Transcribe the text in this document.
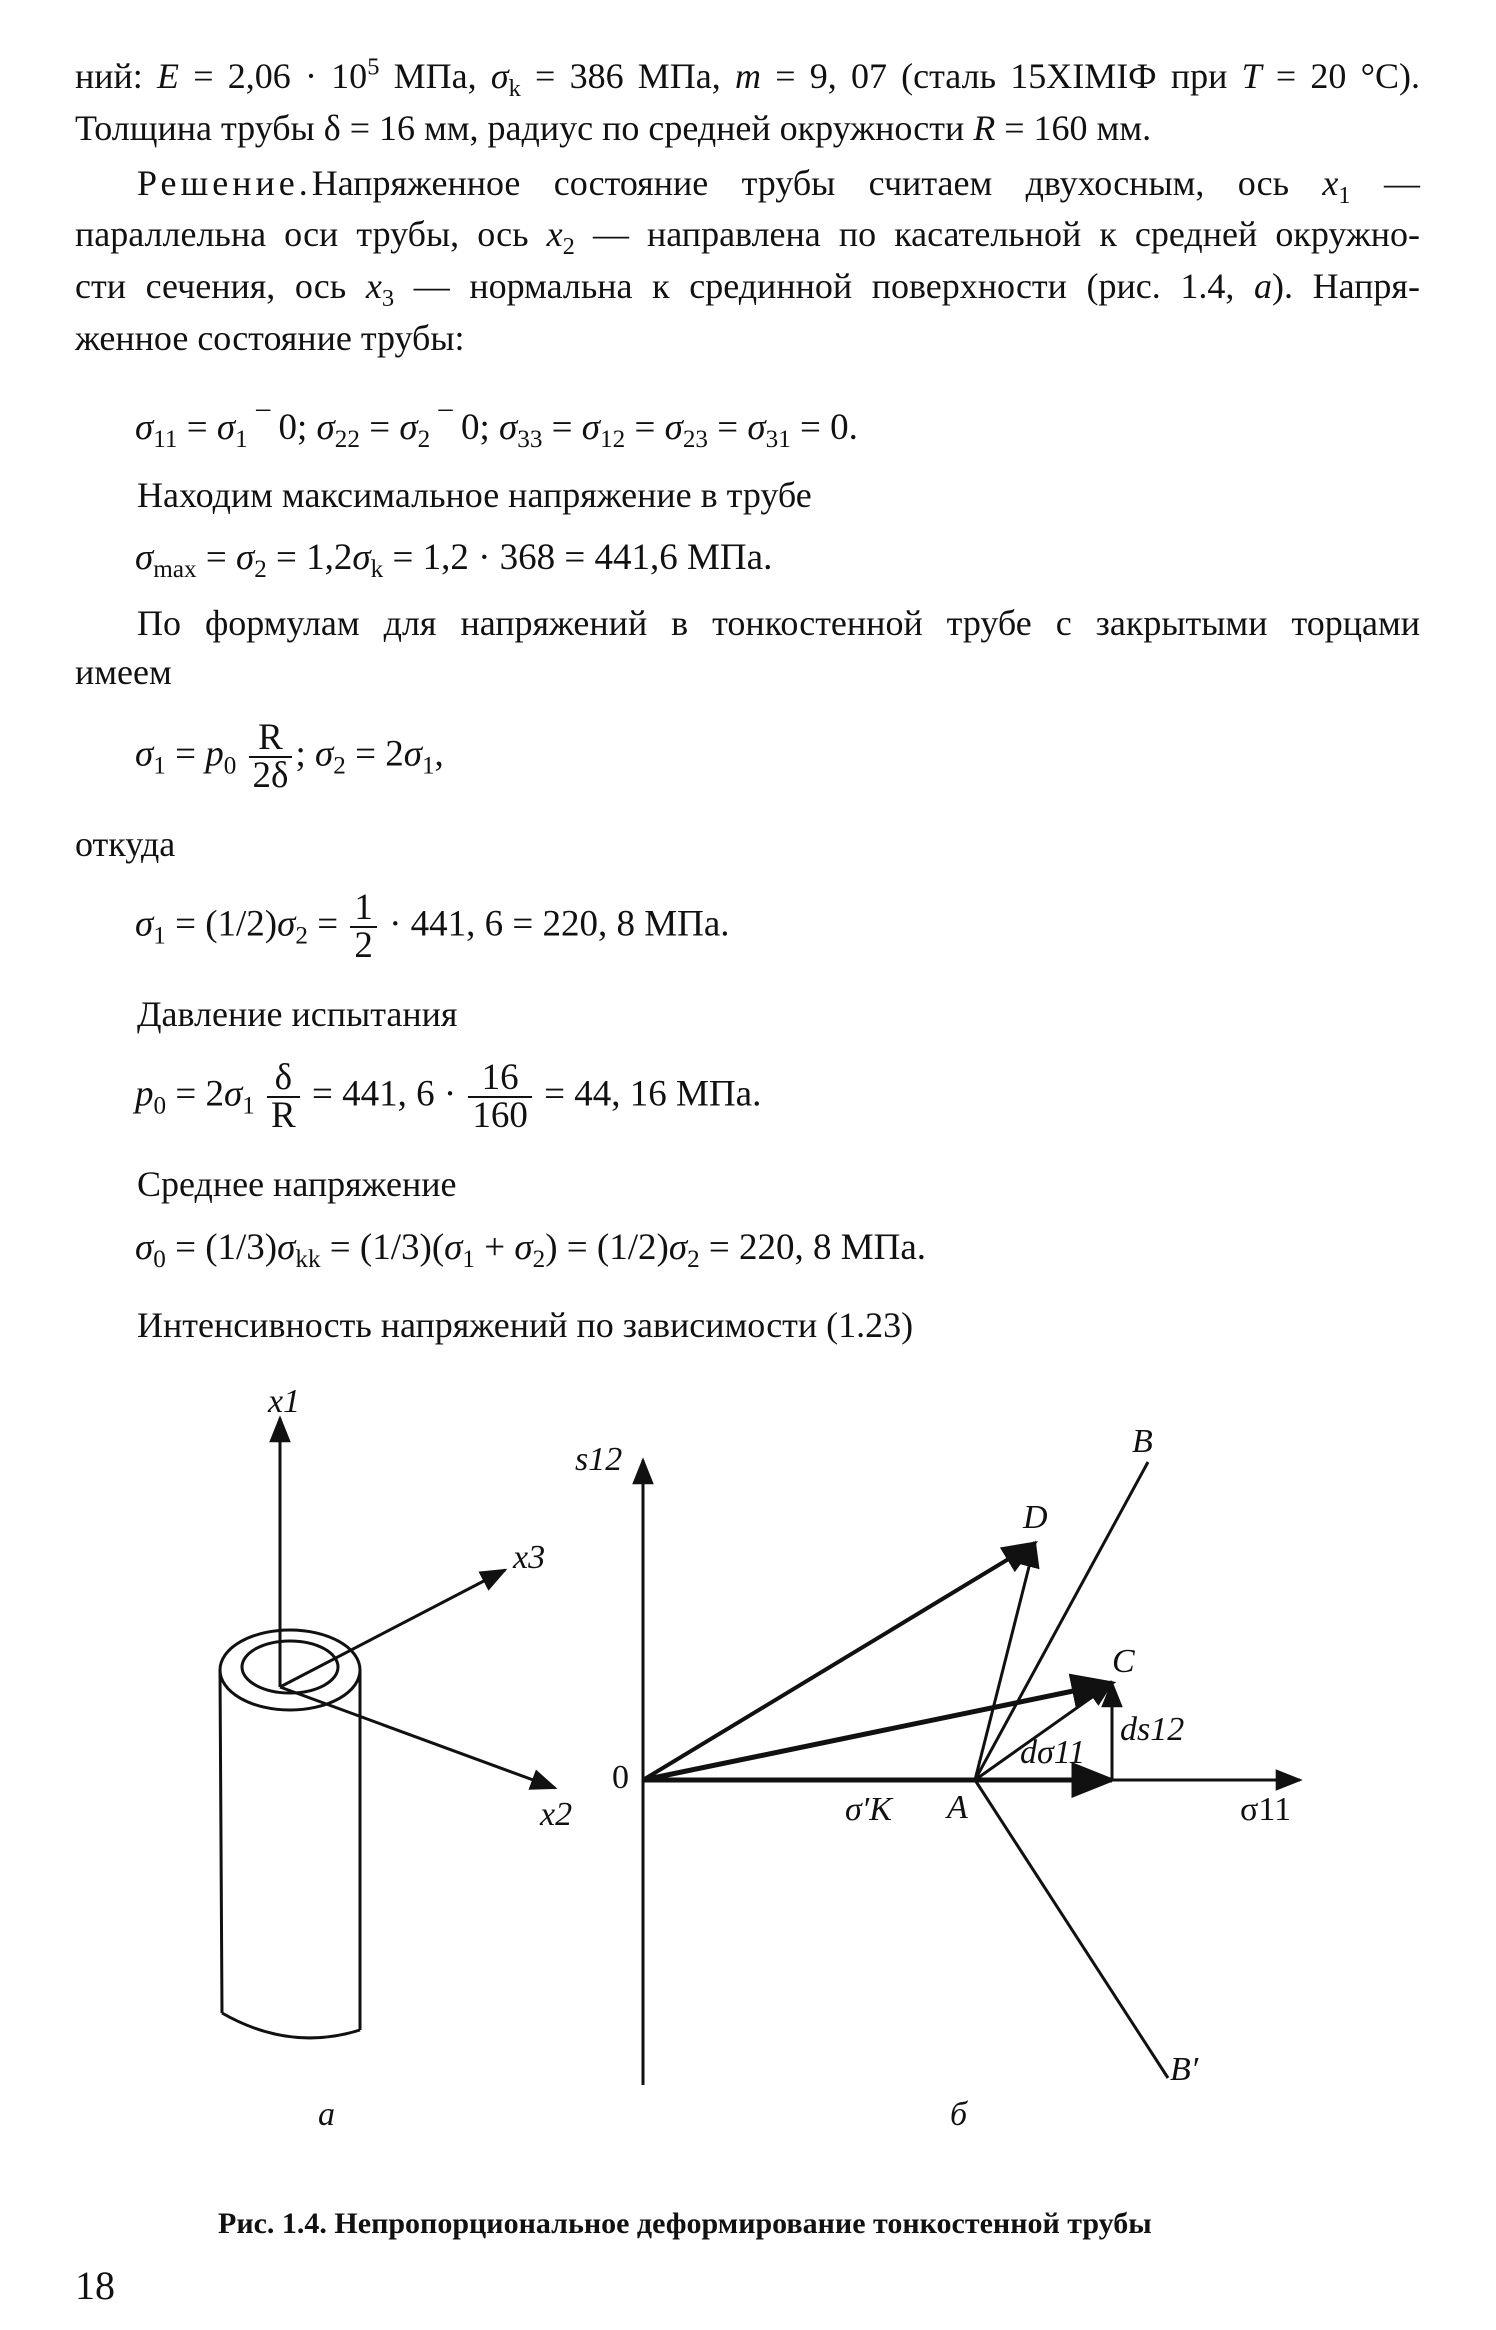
ний: $E = 2,06 \cdot 10^5$ МПа, $\sigma_k = 386$ МПа, m = 9, 07 (сталь 15ХIМIФ при T = 20 °С).
Толщина трубы δ = 16 мм, радиус по средней окружности R = 160 мм.
Решение.Напряженное состояние трубы считаем двухосным, ось $x_1$ —
параллельна оси трубы, ось $x_2$ — направлена по касательной к средней окружно-
сти сечения, ось $x_3$ — нормальна к срединной поверхности (рис. 1.4, а). Напря-
женное состояние трубы:
$\sigma_{11} = \sigma_1$ ‾ 0; $\sigma_{22} = \sigma_2$ ‾ 0; $\sigma_{33} = \sigma_{12} = \sigma_{23} = \sigma_{31} = 0$.
Находим максимальное напряжение в трубе
$\sigma_{max} = \sigma_2 = 1,2\sigma_k = 1,2 \cdot 368 = 441,6$ МПа.
По формулам для напряжений в тонкостенной трубе с закрытыми торцами
имеем
$\sigma_1 = p_0 \frac{R}{2\delta}$ ; $\sigma_2 = 2\sigma_1$,
откуда
$\sigma_1 = (1/2)\sigma_2 = \frac{1}{2} \cdot 441$, 6 = 220, 8 МПа.
Давление испытания
$p_0 = 2\sigma_1 \frac{\delta}{R} = 441$, $6 \cdot \frac{16}{160} = 44$, 16 МПа.
Среднее напряжение
$\sigma_0 = (1/3)\sigma_{kk} = (1/3)(\sigma_1 + \sigma_2) = (1/2)\sigma_2 = 220$, 8 МПа.
Интенсивность напряжений по зависимости (1.23)
x1
x3
x2
а
s12
0
D
B
C
ds12
dσ11
σ′K A	σ11
B′
б
Рис. 1.4. Непропорциональное деформирование тонкостенной трубы
18
